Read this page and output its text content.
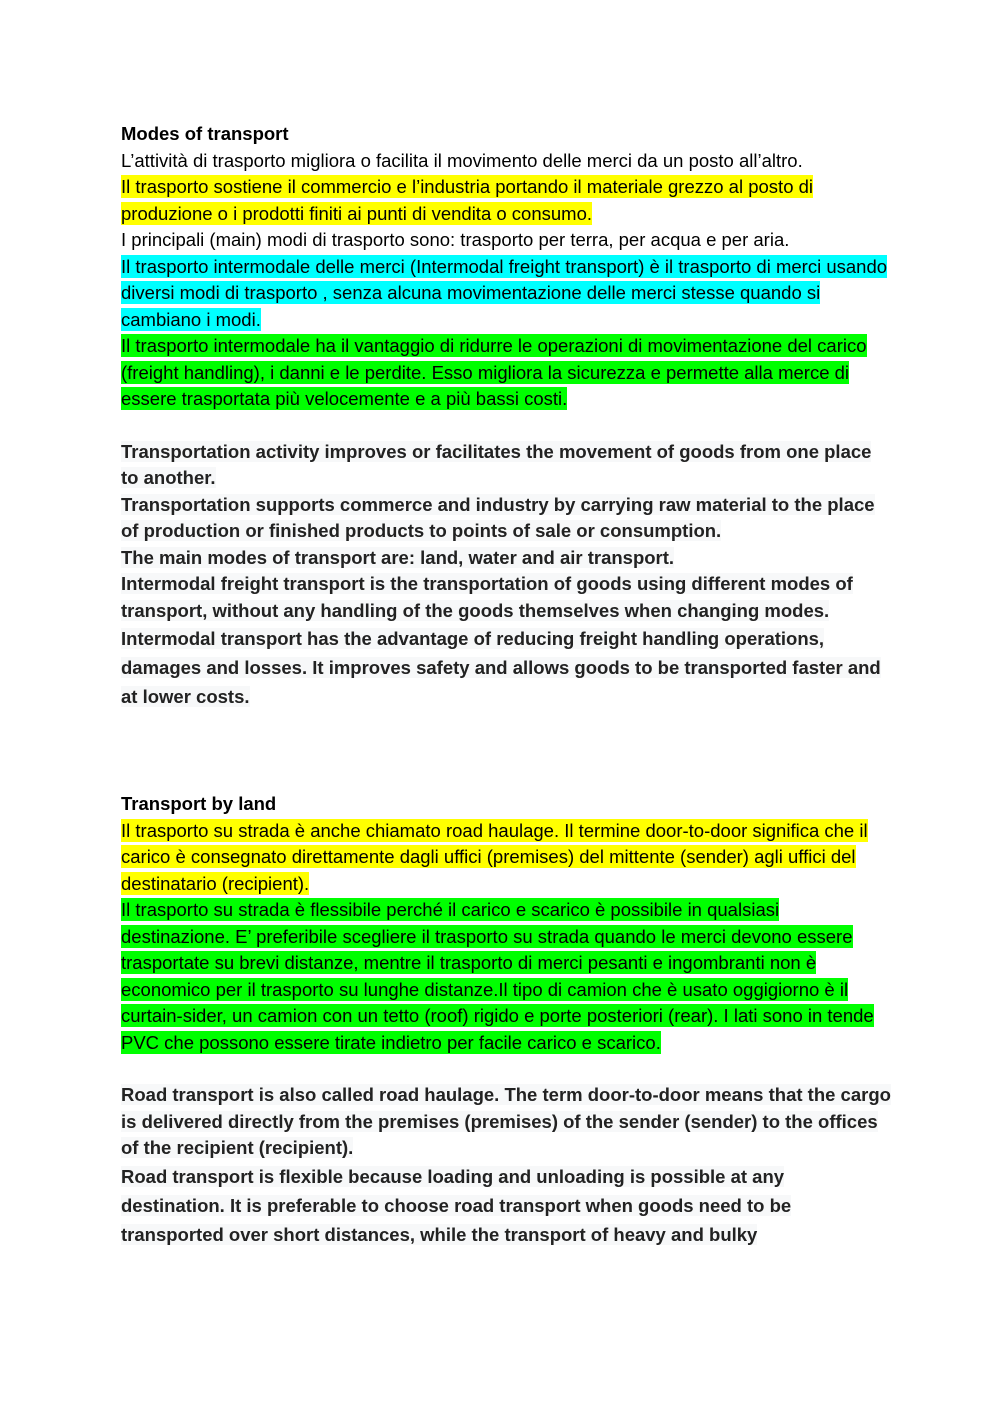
Modes of transport

L’attività di trasporto migliora o facilita il movimento delle merci da un posto all’altro.

Il trasporto sostiene il commercio e l’industria portando il materiale grezzo al posto di produzione o i prodotti finiti ai punti di vendita o consumo.

I principali (main) modi di trasporto sono: trasporto per terra, per acqua e per aria.

Il trasporto intermodale delle merci (Intermodal freight transport) è il trasporto di merci usando diversi modi di trasporto , senza alcuna movimentazione delle merci stesse quando si cambiano i modi.

Il trasporto intermodale ha il vantaggio di ridurre le operazioni di movimentazione del carico (freight handling), i danni e le perdite. Esso migliora la sicurezza e permette alla merce di essere trasportata più velocemente e a più bassi costi.

Transportation activity improves or facilitates the movement of goods from one place to another.

Transportation supports commerce and industry by carrying raw material to the place of production or finished products to points of sale or consumption.

The main modes of transport are: land, water and air transport.

Intermodal freight transport is the transportation of goods using different modes of transport, without any handling of the goods themselves when changing modes.

Intermodal transport has the advantage of reducing freight handling operations, damages and losses. It improves safety and allows goods to be transported faster and at lower costs.

Transport by land

Il trasporto su strada è anche chiamato road haulage. Il termine door-to-door significa che il carico è consegnato direttamente dagli uffici (premises) del mittente (sender) agli uffici del destinatario (recipient).

Il trasporto su strada è flessibile perché il carico e scarico è possibile in qualsiasi destinazione. E’ preferibile scegliere il trasporto su strada quando le merci devono essere trasportate su brevi distanze, mentre il trasporto di merci pesanti e ingombranti non è economico per il trasporto su lunghe distanze.Il tipo di camion che è usato oggigiorno è il curtain-sider, un camion con un tetto (roof) rigido e porte posteriori (rear). I lati sono in tende PVC che possono essere tirate indietro per facile carico e scarico.

Road transport is also called road haulage. The term door-to-door means that the cargo is delivered directly from the premises (premises) of the sender (sender) to the offices of the recipient (recipient).

Road transport is flexible because loading and unloading is possible at any destination. It is preferable to choose road transport when goods need to be transported over short distances, while the transport of heavy and bulky
